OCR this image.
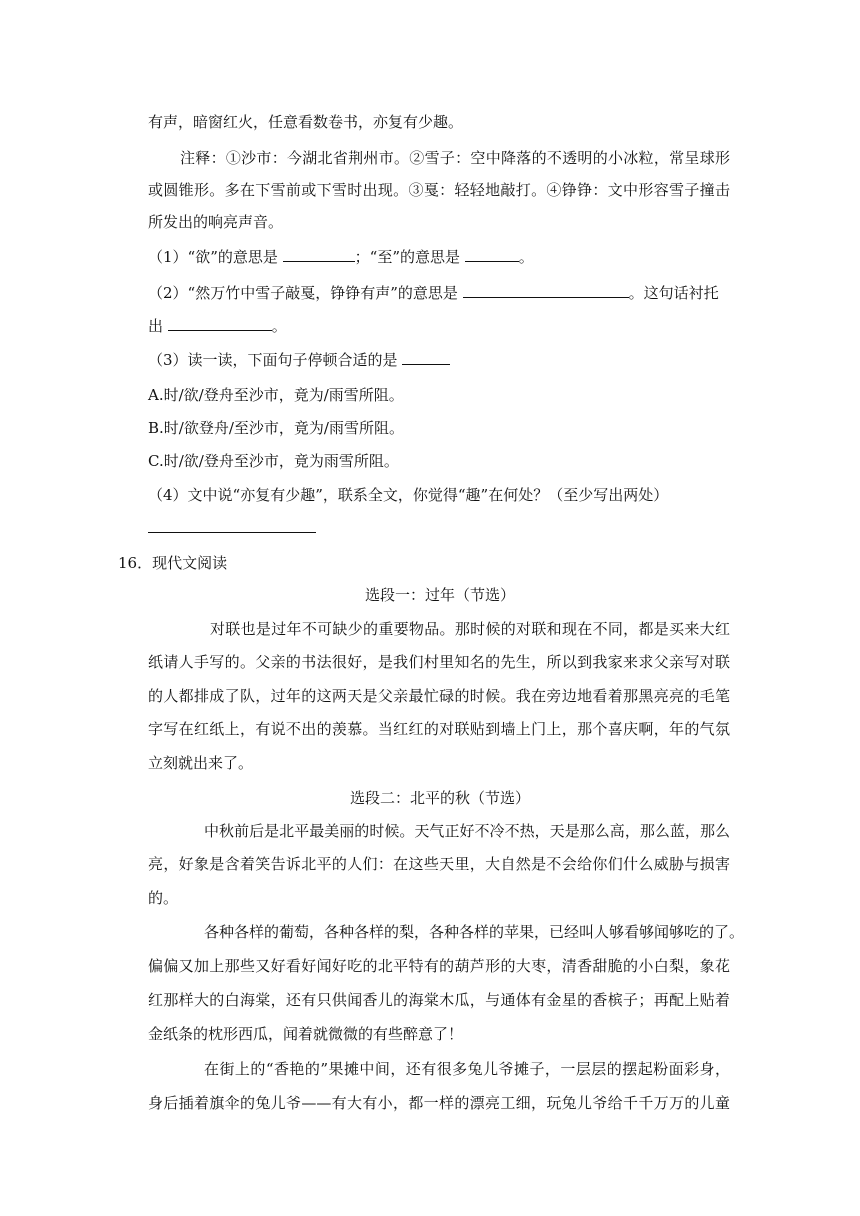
有声，暗窗红火，任意看数卷书，亦复有少趣。
注释：①沙市：今湖北省荆州市。②雪子：空中降落的不透明的小冰粒，常呈球形
或圆锥形。多在下雪前或下雪时出现。③戛：轻轻地敲打。④铮铮：文中形容雪子撞击
所发出的响亮声音。
（1）“欲”的意思是	；“至”的意思是	。
（2）“然万竹中雪子敲戛，铮铮有声”的意思是	。这句话衬托
出	。
（3）读一读，下面句子停顿合适的是
A.时/欲/登舟至沙市，竟为/雨雪所阻。
B.时/欲登舟/至沙市，竟为/雨雪所阻。
C.时/欲/登舟至沙市，竟为雨雪所阻。
（4）文中说“亦复有少趣”，联系全文，你觉得“趣”在何处？（至少写出两处）
16．现代文阅读
选段一：过年（节选）
对联也是过年不可缺少的重要物品。那时候的对联和现在不同，都是买来大红
纸请人手写的。父亲的书法很好，是我们村里知名的先生，所以到我家来求父亲写对联
的人都排成了队，过年的这两天是父亲最忙碌的时候。我在旁边地看着那黑亮亮的毛笔
字写在红纸上，有说不出的羡慕。当红红的对联贴到墙上门上，那个喜庆啊，年的气氛
立刻就出来了。
选段二：北平的秋（节选）
中秋前后是北平最美丽的时候。天气正好不冷不热，天是那么高，那么蓝，那么
亮，好象是含着笑告诉北平的人们：在这些天里，大自然是不会给你们什么威胁与损害
的。
各种各样的葡萄，各种各样的梨，各种各样的苹果，已经叫人够看够闻够吃的了。
偏偏又加上那些又好看好闻好吃的北平特有的葫芦形的大枣，清香甜脆的小白梨，象花
红那样大的白海棠，还有只供闻香儿的海棠木瓜，与通体有金星的香槟子；再配上贴着
金纸条的枕形西瓜，闻着就微微的有些醉意了！
在街上的“香艳的”果摊中间，还有很多兔儿爷摊子，一层层的摆起粉面彩身，
身后插着旗伞的兔儿爷——有大有小，都一样的漂亮工细，玩兔儿爷给千千万万的儿童
